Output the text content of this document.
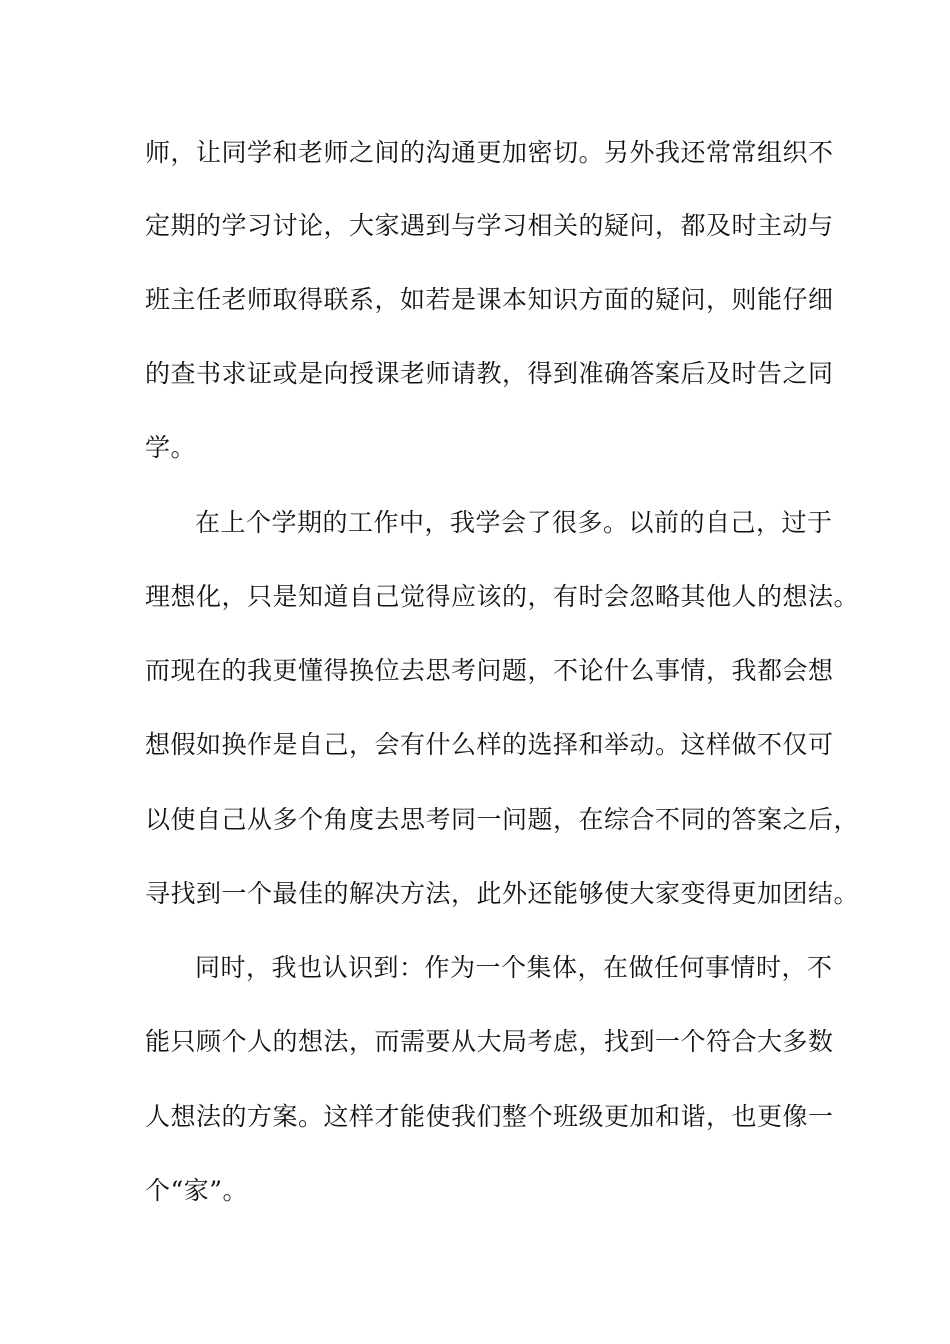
师，让同学和老师之间的沟通更加密切。另外我还常常组织不
定期的学习讨论，大家遇到与学习相关的疑问，都及时主动与
班主任老师取得联系，如若是课本知识方面的疑问，则能仔细
的查书求证或是向授课老师请教，得到准确答案后及时告之同
学。
在上个学期的工作中，我学会了很多。以前的自己，过于
理想化，只是知道自己觉得应该的，有时会忽略其他人的想法。
而现在的我更懂得换位去思考问题，不论什么事情，我都会想
想假如换作是自己，会有什么样的选择和举动。这样做不仅可
以使自己从多个角度去思考同一问题，在综合不同的答案之后，
寻找到一个最佳的解决方法，此外还能够使大家变得更加团结。
同时，我也认识到：作为一个集体，在做任何事情时，不
能只顾个人的想法，而需要从大局考虑，找到一个符合大多数
人想法的方案。这样才能使我们整个班级更加和谐，也更像一
个“家”。
